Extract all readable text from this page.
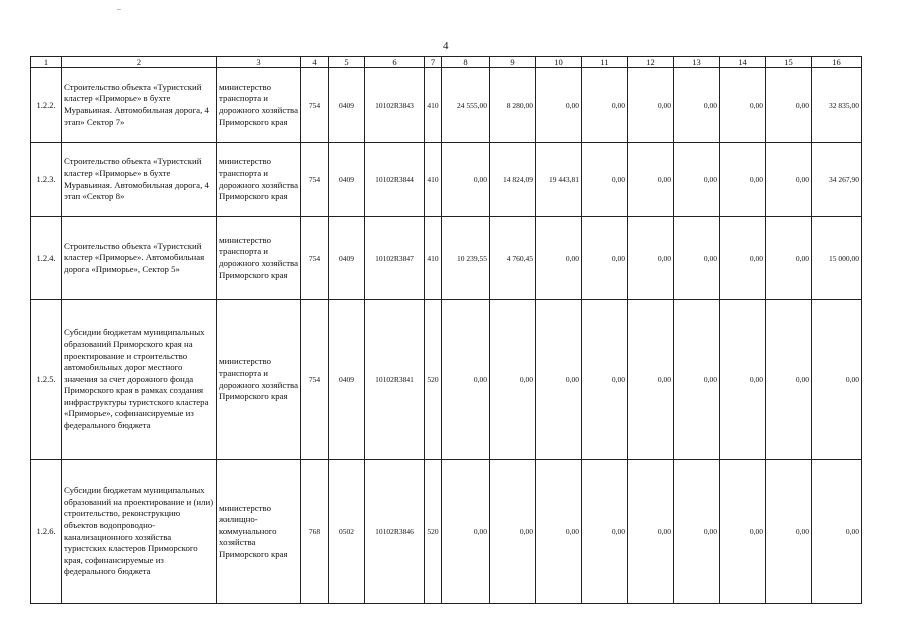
4
1	2	3	4	5	6	7	8	9	10	11	12	13	14	15	16
1.2.2.	Строительство объекта «Туристский кластер «Приморье» в бухте Муравьиная. Автомобильная дорога, 4 этап» Сектор 7»	министерство транспорта и дорожного хозяйства Приморского края	754	0409	10102R3843	410	24 555,00	8 280,00	0,00	0,00	0,00	0,00	0,00	0,00	32 835,00
1.2.3.	Строительство объекта «Туристский кластер «Приморье» в бухте Муравьиная. Автомобильная дорога, 4 этап «Сектор 8»	министерство транспорта и дорожного хозяйства Приморского края	754	0409	10102R3844	410	0,00	14 824,09	19 443,81	0,00	0,00	0,00	0,00	0,00	34 267,90
1.2.4.	Строительство объекта «Туристский кластер «Приморье». Автомобильная дорога «Приморье», Сектор 5»	министерство транспорта и дорожного хозяйства Приморского края	754	0409	10102R3847	410	10 239,55	4 760,45	0,00	0,00	0,00	0,00	0,00	0,00	15 000,00
1.2.5.	Субсидии бюджетам муниципальных образований Приморского края на проектирование и строительство автомобильных дорог местного значения за счет дорожного фонда Приморского края в рамках создания инфраструктуры туристского кластера «Приморье», софинансируемые из федерального бюджета	министерство транспорта и дорожного хозяйства Приморского края	754	0409	10102R3841	520	0,00	0,00	0,00	0,00	0,00	0,00	0,00	0,00	0,00
1.2.6.	Субсидии бюджетам муниципальных образований на проектирование и (или) строительство, реконструкцию объектов водопроводно-канализационного хозяйства туристских кластеров Приморского края, софинансируемые из федерального бюджета	министерство жилищно-коммунального хозяйства Приморского края	768	0502	10102R3846	520	0,00	0,00	0,00	0,00	0,00	0,00	0,00	0,00	0,00
